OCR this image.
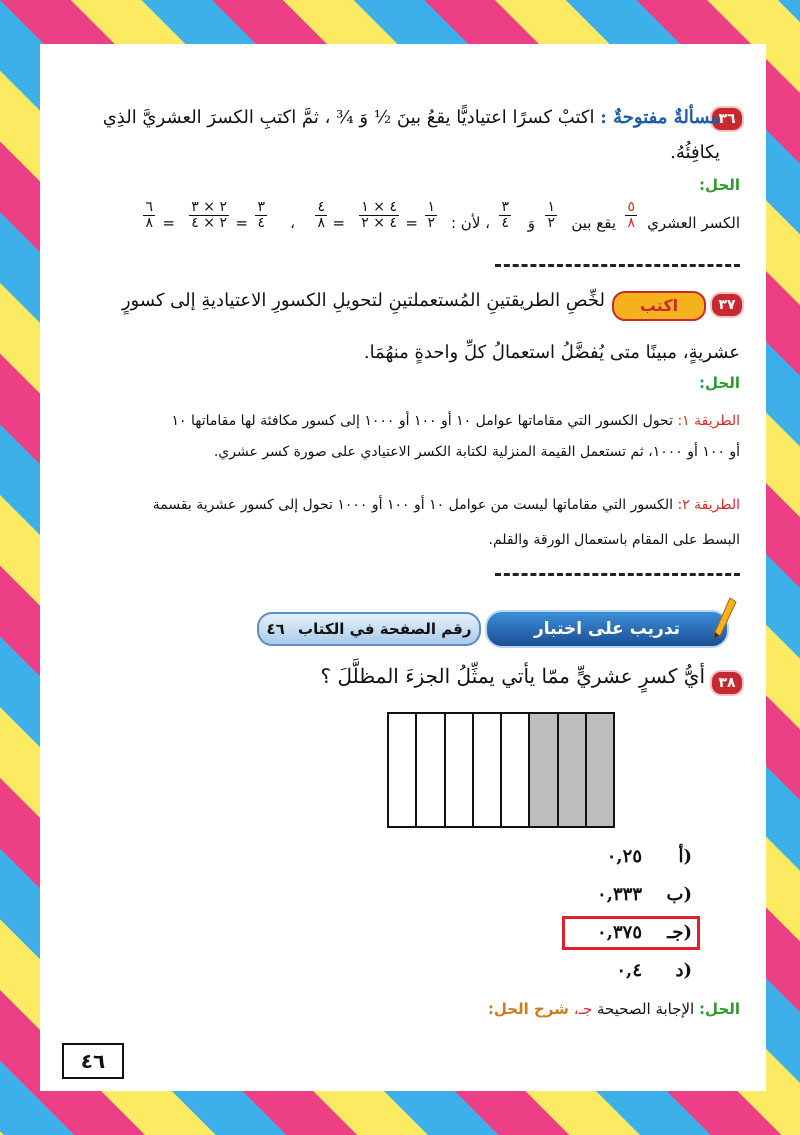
٣٦
مسألةٌ مفتوحةٌ : اكتبْ كسرًا اعتياديًّا يقعُ بينَ ½ وَ ¾ ، ثمَّ اكتبِ الكسرَ العشريَّ الذِي
يكافِئُهُ.
الحل:
الكسر العشري
٥
٨
يقع بين
١
٢
وَ
٣
٤
، لأن :
١
٢
=
٤ × ١
٤ × ٢
=
٤
٨
،
٣
٤
=
٢ × ٣
٢ × ٤
=
٦
٨
٣٧
اكتب
لخِّصِ الطريقتينِ المُستعملتينِ لتحويلِ الكسورِ الاعتياديةِ إلى كسورٍ
عشريةٍ، مبينًا متى يُفضَّلُ استعمالُ كلِّ واحدةٍ منهُمَا.
الحل:
الطريقة ١: تحول الكسور التي مقاماتها عوامل ١٠ أو ١٠٠ أو ١٠٠٠ إلى كسور مكافئة لها مقاماتها ١٠
أو ١٠٠ أو ١٠٠٠، ثم تستعمل القيمة المنزلية لكتابة الكسر الاعتيادي على صورة كسر عشري.
الطريقة ٢: الكسور التي مقاماتها ليست من عوامل ١٠ أو ١٠٠ أو ١٠٠٠ تحول إلى كسور عشرية بقسمة
البسط على المقام باستعمال الورقة والقلم.
تدريب على اختبار
رقم الصفحة في الكتاب ٤٦
٣٨
أيُّ كسرٍ عشريٍّ ممّا يأتي يمثِّلُ الجزءَ المظلَّلَ ؟
أ)
٠,٢٥
ب)
٠,٣٣٣
جـ)
٠,٣٧٥
د)
٠,٤
الحل: الإجابة الصحيحة جـ، شرح الحل:
٤٦
